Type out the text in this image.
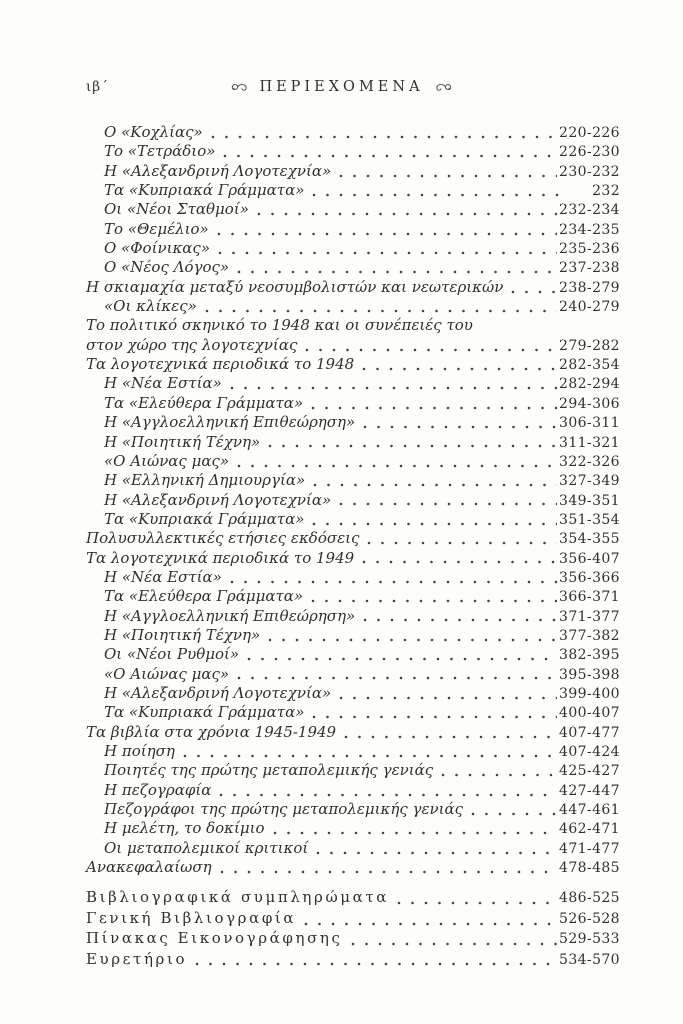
ιβ´	ΠΕΡΙΕΧΟΜΕΝΑ
Ο «Κοχλίας»	220-226
Το «Τετράδιο»	226-230
Η «Αλεξανδρινή Λογοτεχνία»	230-232
Τα «Κυπριακά Γράμματα»	232
Οι «Νέοι Σταθμοί»	232-234
Το «Θεμέλιο»	234-235
Ο «Φοίνικας»	235-236
Ο «Νέος Λόγος»	237-238
Η σκιαμαχία μεταξύ νεοσυμβολιστών και νεωτερικών	238-279
«Οι κλίκες»	240-279
Το πολιτικό σκηνικό το 1948 και οι συνέπειές του
στον χώρο της λογοτεχνίας	279-282
Τα λογοτεχνικά περιοδικά το 1948	282-354
Η «Νέα Εστία»	282-294
Τα «Ελεύθερα Γράμματα»	294-306
Η «Αγγλοελληνική Επιθεώρηση»	306-311
Η «Ποιητική Τέχνη»	311-321
«Ο Αιώνας μας»	322-326
Η «Ελληνική Δημιουργία»	327-349
Η «Αλεξανδρινή Λογοτεχνία»	349-351
Τα «Κυπριακά Γράμματα»	351-354
Πολυσυλλεκτικές ετήσιες εκδόσεις	354-355
Τα λογοτεχνικά περιοδικά το 1949	356-407
Η «Νέα Εστία»	356-366
Τα «Ελεύθερα Γράμματα»	366-371
Η «Αγγλοελληνική Επιθεώρηση»	371-377
Η «Ποιητική Τέχνη»	377-382
Οι «Νέοι Ρυθμοί»	382-395
«Ο Αιώνας μας»	395-398
Η «Αλεξανδρινή Λογοτεχνία»	399-400
Τα «Κυπριακά Γράμματα»	400-407
Τα βιβλία στα χρόνια 1945-1949	407-477
Η ποίηση	407-424
Ποιητές της πρώτης μεταπολεμικής γενιάς	425-427
Η πεζογραφία	427-447
Πεζογράφοι της πρώτης μεταπολεμικής γενιάς	447-461
Η μελέτη, το δοκίμιο	462-471
Οι μεταπολεμικοί κριτικοί	471-477
Ανακεφαλαίωση	478-485
Βιβλιογραφικά συμπληρώματα	486-525
Γενική Βιβλιογραφία	526-528
Πίνακας Εικονογράφησης	529-533
Ευρετήριο	534-570
